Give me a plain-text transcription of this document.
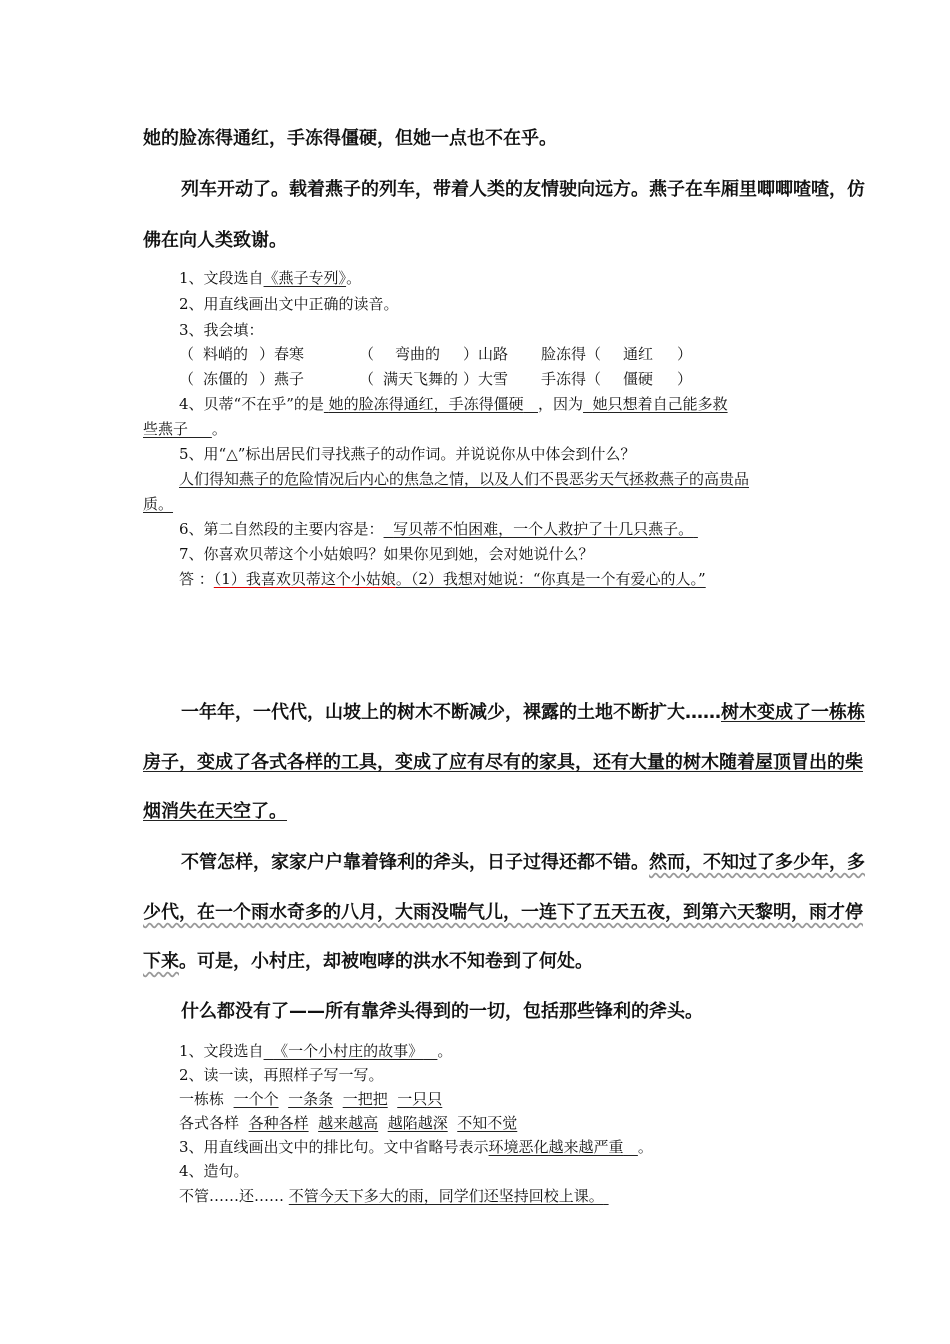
她的脸冻得通红，手冻得僵硬，但她一点也不在乎。
列车开动了。载着燕子的列车，带着人类的友情驶向远方。燕子在车厢里唧唧喳喳，仿
佛在向人类致谢。
1、文段选自《燕子专列》。
2、用直线画出文中正确的读音。
3、我会填：
（ 料峭的 ）春寒	（ 弯曲的 ）山路 脸冻得（ 通红 ）
（ 冻僵的 ）燕子	（ 满天飞舞的 ）大雪 手冻得（ 僵硬 ）
4、贝蒂“不在乎”的是 她的脸冻得通红，手冻得僵硬 ，因为 她只想着自己能多救
些燕子 。
5、用“△”标出居民们寻找燕子的动作词。并说说你从中体会到什么？
人们得知燕子的危险情况后内心的焦急之情，以及人们不畏恶劣天气拯救燕子的高贵品
质。
6、第二自然段的主要内容是： 写贝蒂不怕困难，一个人救护了十几只燕子。
7、你喜欢贝蒂这个小姑娘吗？如果你见到她，会对她说什么？
答 ：（1）我喜欢贝蒂这个小姑娘。（2）我想对她说：“你真是一个有爱心的人。”
一年年，一代代，山坡上的树木不断减少，裸露的土地不断扩大……树木变成了一栋栋
房子，变成了各式各样的工具，变成了应有尽有的家具，还有大量的树木随着屋顶冒出的柴
烟消失在天空了。
不管怎样，家家户户靠着锋利的斧头，日子过得还都不错。然而，不知过了多少年，多
少代，在一个雨水奇多的八月，大雨没喘气儿，一连下了五天五夜，到第六天黎明，雨才停
下来。可是，小村庄，却被咆哮的洪水不知卷到了何处。
什么都没有了——所有靠斧头得到的一切，包括那些锋利的斧头。
1、文段选自 《一个小村庄的故事》 。
2、读一读，再照样子写一写。
一栋栋 一个个 一条条 一把把 一只只
各式各样 各种各样 越来越高 越陷越深 不知不觉
3、用直线画出文中的排比句。文中省略号表示环境恶化越来越严重 。
4、造句。
不管……还…… 不管今天下多大的雨，同学们还坚持回校上课。
